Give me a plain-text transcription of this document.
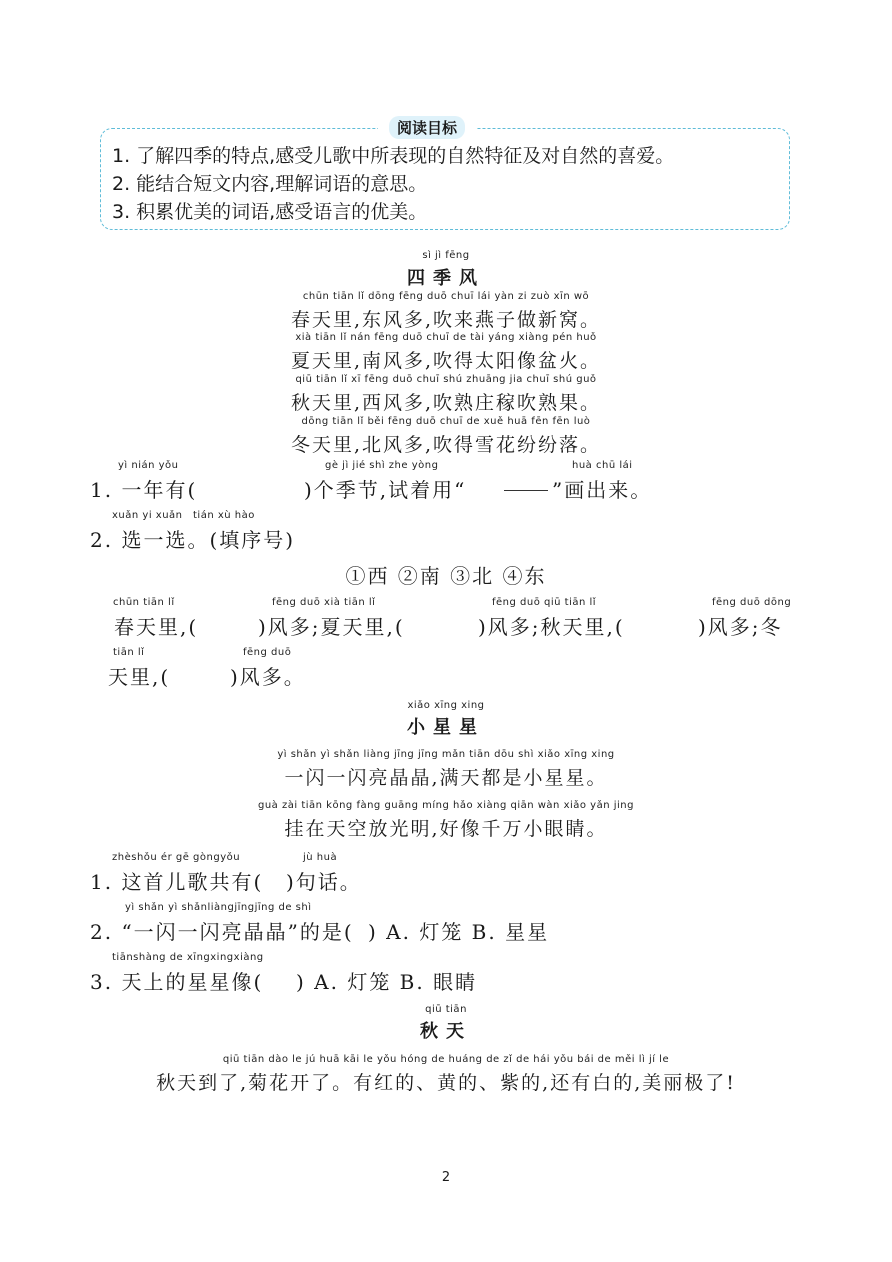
阅读目标
1. 了解四季的特点,感受儿歌中所表现的自然特征及对自然的喜爱。
2. 能结合短文内容,理解词语的意思。
3. 积累优美的词语,感受语言的优美。
sì jì fēng
四季风
chūn tiān lǐ dōng fēng duō chuī lái yàn zi zuò xīn wō
春天里,东风多,吹来燕子做新窝。
xià tiān lǐ nán fēng duō chuī de tài yáng xiàng pén huǒ
夏天里,南风多,吹得太阳像盆火。
qiū tiān lǐ xī fēng duō chuī shú zhuāng jia chuī shú guǒ
秋天里,西风多,吹熟庄稼吹熟果。
dōng tiān lǐ běi fēng duō chuī de xuě huā fēn fēn luò
冬天里,北风多,吹得雪花纷纷落。
yì nián yǒu	gè jì jié shì zhe yòng	huà chū lái
1. 一年有(	)个季节,试着用“	”画出来。
xuǎn yi xuǎn tián xù hào
2. 选一选。(填序号)
①西 ②南 ③北 ④东
chūn tiān lǐ	fēng duō xià tiān lǐ	fēng duō qiū tiān lǐ	fēng duō dōng
春天里,(	)风多;夏天里,(	)风多;秋天里,(	)风多;冬
tiān lǐ	fēng duō
天里,(	)风多。
xiǎo xīng xing
小星星
yì shǎn yì shǎn liàng jīng jīng mǎn tiān dōu shì xiǎo xīng xing
一闪一闪亮晶晶,满天都是小星星。
guà zài tiān kōng fàng guāng míng hǎo xiàng qiān wàn xiǎo yǎn jing
挂在天空放光明,好像千万小眼睛。
zhèshǒu ér gē gòngyǒu	jù huà
1. 这首儿歌共有( )句话。
yì shǎn yì shǎnliàngjīngjīng de shì
2. “一闪一闪亮晶晶”的是( ) A. 灯笼 B. 星星
tiānshàng de xīngxingxiàng
3. 天上的星星像( ) A. 灯笼 B. 眼睛
qiū tiān
秋天
qiū tiān dào le jú huā kāi le yǒu hóng de huáng de zǐ de hái yǒu bái de měi lì jí le
秋天到了,菊花开了。有红的、黄的、紫的,还有白的,美丽极了!
2
